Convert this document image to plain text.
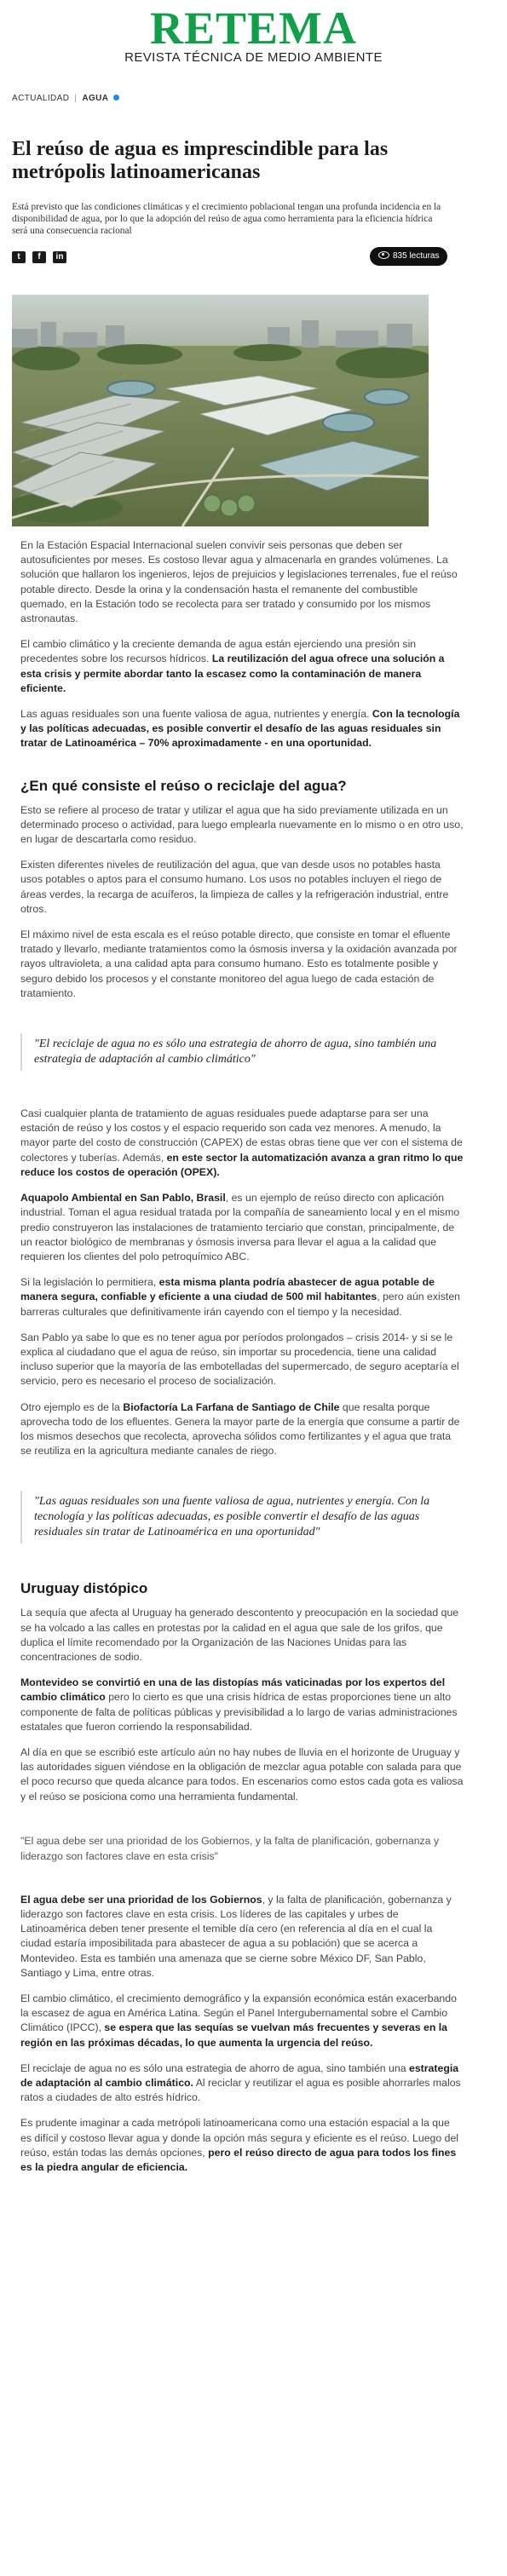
RETEMA
REVISTA TÉCNICA DE MEDIO AMBIENTE
ACTUALIDAD | AGUA
El reúso de agua es imprescindible para las metrópolis latinoamericanas

Está previsto que las condiciones climáticas y el crecimiento poblacional tengan una profunda incidencia en la disponibilidad de agua, por lo que la adopción del reúso de agua como herramienta para la eficiencia hídrica será una consecuencia racional

t	f	in	835 lecturas

En la Estación Espacial Internacional suelen convivir seis personas que deben ser autosuficientes por meses. Es costoso llevar agua y almacenarla en grandes volúmenes. La solución que hallaron los ingenieros, lejos de prejuicios y legislaciones terrenales, fue el reúso potable directo. Desde la orina y la condensación hasta el remanente del combustible quemado, en la Estación todo se recolecta para ser tratado y consumido por los mismos astronautas.

El cambio climático y la creciente demanda de agua están ejerciendo una presión sin precedentes sobre los recursos hídricos. La reutilización del agua ofrece una solución a esta crisis y permite abordar tanto la escasez como la contaminación de manera eficiente.

Las aguas residuales son una fuente valiosa de agua, nutrientes y energía. Con la tecnología y las políticas adecuadas, es posible convertir el desafío de las aguas residuales sin tratar de Latinoamérica – 70% aproximadamente - en una oportunidad.

¿En qué consiste el reúso o reciclaje del agua?

Esto se refiere al proceso de tratar y utilizar el agua que ha sido previamente utilizada en un determinado proceso o actividad, para luego emplearla nuevamente en lo mismo o en otro uso, en lugar de descartarla como residuo.

Existen diferentes niveles de reutilización del agua, que van desde usos no potables hasta usos potables o aptos para el consumo humano. Los usos no potables incluyen el riego de áreas verdes, la recarga de acuíferos, la limpieza de calles y la refrigeración industrial, entre otros.

El máximo nivel de esta escala es el reúso potable directo, que consiste en tomar el efluente tratado y llevarlo, mediante tratamientos como la ósmosis inversa y la oxidación avanzada por rayos ultravioleta, a una calidad apta para consumo humano. Esto es totalmente posible y seguro debido los procesos y el constante monitoreo del agua luego de cada estación de tratamiento.

"El reciclaje de agua no es sólo una estrategia de ahorro de agua, sino también una estrategia de adaptación al cambio climático"

Casi cualquier planta de tratamiento de aguas residuales puede adaptarse para ser una estación de reúso y los costos y el espacio requerido son cada vez menores. A menudo, la mayor parte del costo de construcción (CAPEX) de estas obras tiene que ver con el sistema de colectores y tuberías. Además, en este sector la automatización avanza a gran ritmo lo que reduce los costos de operación (OPEX).

Aquapolo Ambiental en San Pablo, Brasil, es un ejemplo de reúso directo con aplicación industrial. Toman el agua residual tratada por la compañía de saneamiento local y en el mismo predio construyeron las instalaciones de tratamiento terciario que constan, principalmente, de un reactor biológico de membranas y ósmosis inversa para llevar el agua a la calidad que requieren los clientes del polo petroquímico ABC.

Si la legislación lo permitiera, esta misma planta podría abastecer de agua potable de manera segura, confiable y eficiente a una ciudad de 500 mil habitantes, pero aún existen barreras culturales que definitivamente irán cayendo con el tiempo y la necesidad.

San Pablo ya sabe lo que es no tener agua por períodos prolongados – crisis 2014- y si se le explica al ciudadano que el agua de reúso, sin importar su procedencia, tiene una calidad incluso superior que la mayoría de las embotelladas del supermercado, de seguro aceptaría el servicio, pero es necesario el proceso de socialización.

Otro ejemplo es de la Biofactoría La Farfana de Santiago de Chile que resalta porque aprovecha todo de los efluentes. Genera la mayor parte de la energía que consume a partir de los mismos desechos que recolecta, aprovecha sólidos como fertilizantes y el agua que trata se reutiliza en la agricultura mediante canales de riego.

"Las aguas residuales son una fuente valiosa de agua, nutrientes y energía. Con la tecnología y las políticas adecuadas, es posible convertir el desafío de las aguas residuales sin tratar de Latinoamérica en una oportunidad"
Uruguay distópico

La sequía que afecta al Uruguay ha generado descontento y preocupación en la sociedad que se ha volcado a las calles en protestas por la calidad en el agua que sale de los grifos, que duplica el límite recomendado por la Organización de las Naciones Unidas para las concentraciones de sodio.

Montevideo se convirtió en una de las distopías más vaticinadas por los expertos del cambio climático pero lo cierto es que una crisis hídrica de estas proporciones tiene un alto componente de falta de políticas públicas y previsibilidad a lo largo de varias administraciones estatales que fueron corriendo la responsabilidad.

Al día en que se escribió este artículo aún no hay nubes de lluvia en el horizonte de Uruguay y las autoridades siguen viéndose en la obligación de mezclar agua potable con salada para que el poco recurso que queda alcance para todos. En escenarios como estos cada gota es valiosa y el reúso se posiciona como una herramienta fundamental.

"El agua debe ser una prioridad de los Gobiernos, y la falta de planificación, gobernanza y liderazgo son factores clave en esta crisis"

El agua debe ser una prioridad de los Gobiernos, y la falta de planificación, gobernanza y liderazgo son factores clave en esta crisis. Los líderes de las capitales y urbes de Latinoamérica deben tener presente el temible día cero (en referencia al día en el cual la ciudad estaría imposibilitada para abastecer de agua a su población) que se acerca a Montevideo. Esta es también una amenaza que se cierne sobre México DF, San Pablo, Santiago y Lima, entre otras.

El cambio climático, el crecimiento demográfico y la expansión económica están exacerbando la escasez de agua en América Latina. Según el Panel Intergubernamental sobre el Cambio Climático (IPCC), se espera que las sequías se vuelvan más frecuentes y severas en la región en las próximas décadas, lo que aumenta la urgencia del reúso.

El reciclaje de agua no es sólo una estrategia de ahorro de agua, sino también una estrategia de adaptación al cambio climático. Al reciclar y reutilizar el agua es posible ahorrarles malos ratos a ciudades de alto estrés hídrico.

Es prudente imaginar a cada metrópoli latinoamericana como una estación espacial a la que es difícil y costoso llevar agua y donde la opción más segura y eficiente es el reúso. Luego del reúso, están todas las demás opciones, pero el reúso directo de agua para todos los fines es la piedra angular de eficiencia.
